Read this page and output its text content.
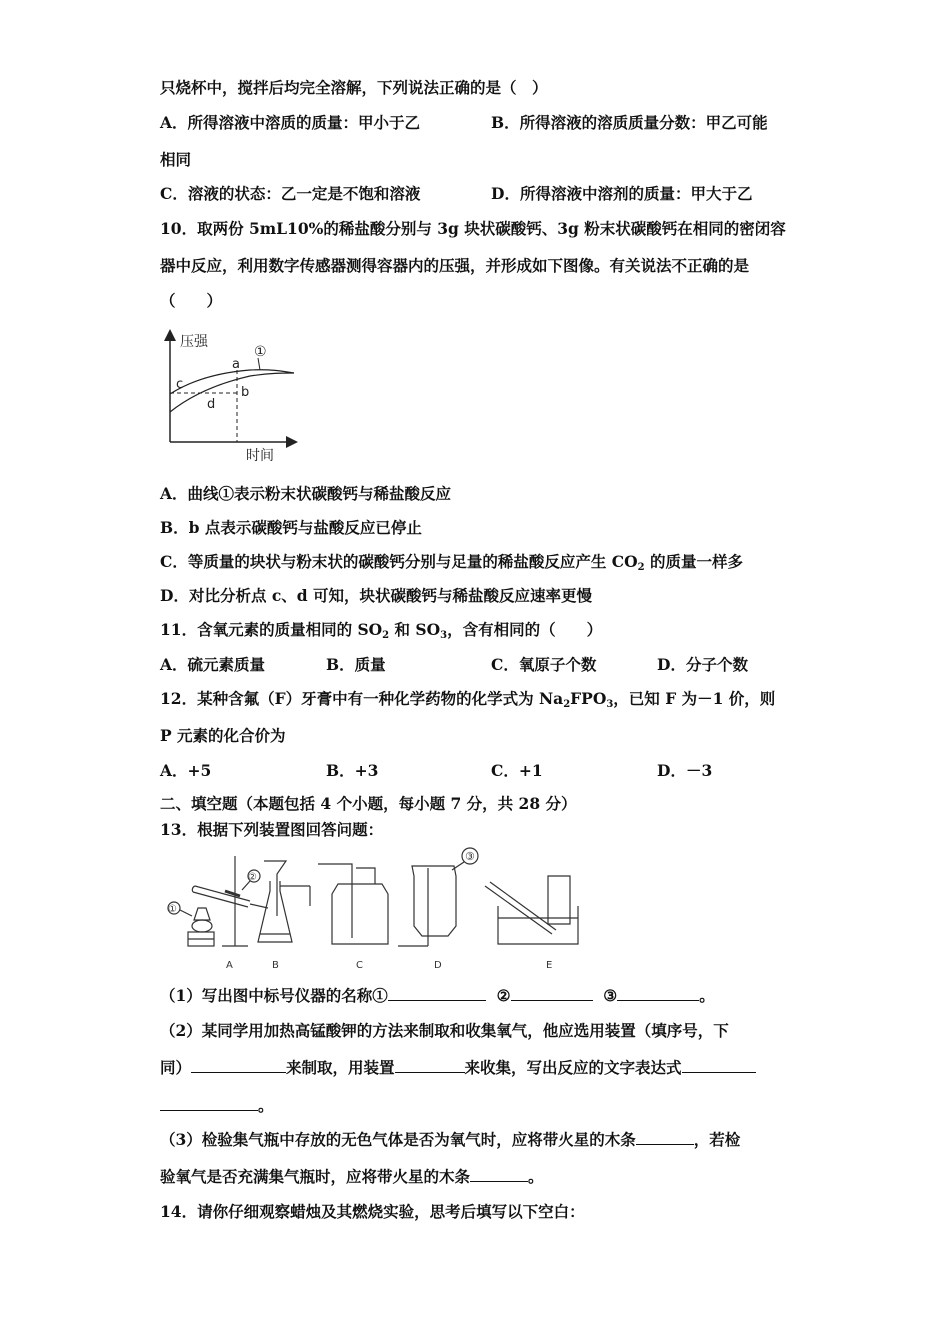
只烧杯中，搅拌后均完全溶解，下列说法正确的是（　）
A．所得溶液中溶质的质量：甲小于乙	B．所得溶液的溶质质量分数：甲乙可能
相同
C．溶液的状态：乙一定是不饱和溶液	D．所得溶液中溶剂的质量：甲大于乙
10．取两份 5mL10%的稀盐酸分别与 3g 块状碳酸钙、3g 粉末状碳酸钙在相同的密闭容
器中反应，利用数字传感器测得容器内的压强，并形成如下图像。有关说法不正确的是
（　　）
压强
时间
①
a
b
c
d
A．曲线①表示粉末状碳酸钙与稀盐酸反应
B．b 点表示碳酸钙与盐酸反应已停止
C．等质量的块状与粉末状的碳酸钙分别与足量的稀盐酸反应产生 $CO_2$ 的质量一样多
D．对比分析点 c、d 可知，块状碳酸钙与稀盐酸反应速率更慢
11．含氧元素的质量相同的 $SO_2$ 和 $SO_3$，含有相同的（　　）
A．硫元素质量	B．质量	C．氧原子个数	D．分子个数
12．某种含氟（F）牙膏中有一种化学药物的化学式为 $Na_2FPO_3$，已知 F 为－1 价，则
P 元素的化合价为
A．+5	B．+3	C．+1	D．－3
二、填空题（本题包括 4 个小题，每小题 7 分，共 28 分）
13．根据下列装置图回答问题：
①
②
③
A	B	C	D	E
（1）写出图中标号仪器的名称①	②	③	。
（2）某同学用加热高锰酸钾的方法来制取和收集氧气，他应选用装置（填序号，下
同）	来制取，用装置	来收集，写出反应的文字表达式
。
（3）检验集气瓶中存放的无色气体是否为氧气时，应将带火星的木条	，若检
验氧气是否充满集气瓶时，应将带火星的木条	。
14．请你仔细观察蜡烛及其燃烧实验，思考后填写以下空白：
